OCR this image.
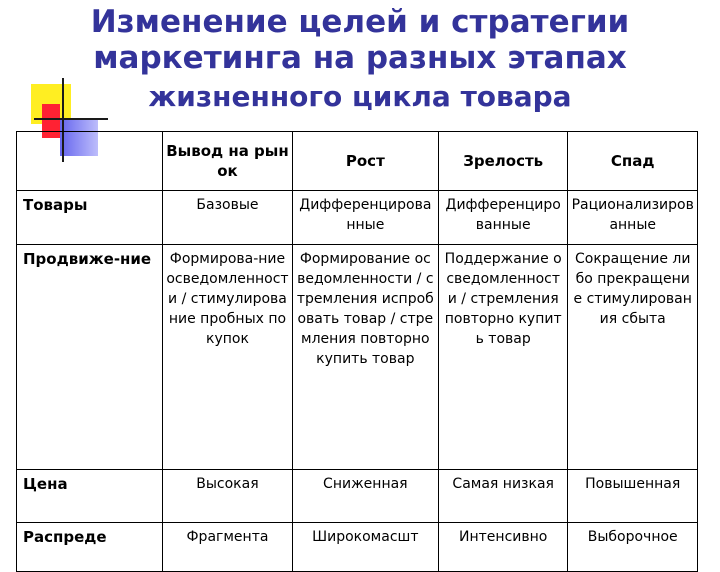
Изменение целей и стратегии
маркетинга на разных этапах
жизненного цикла товара
	Вывод на рынок	Рост	Зрелость	Спад
Товары	Базовые	Дифференцированные	Дифференцированные	Рационализированные
Продвиже-ние	Формирова-ние осведомленности / стимулирование пробных покупок	Формирование осведомленности / стремления испробовать товар / стремления повторно купить товар	Поддержание осведомленности / стремления повторно купить товар	Сокращение либо прекращение стимулирования сбыта
Цена	Высокая	Сниженная	Самая низкая	Повышенная
Распреде	Фрагмента	Широкомасшт	Интенсивно	Выборочное
